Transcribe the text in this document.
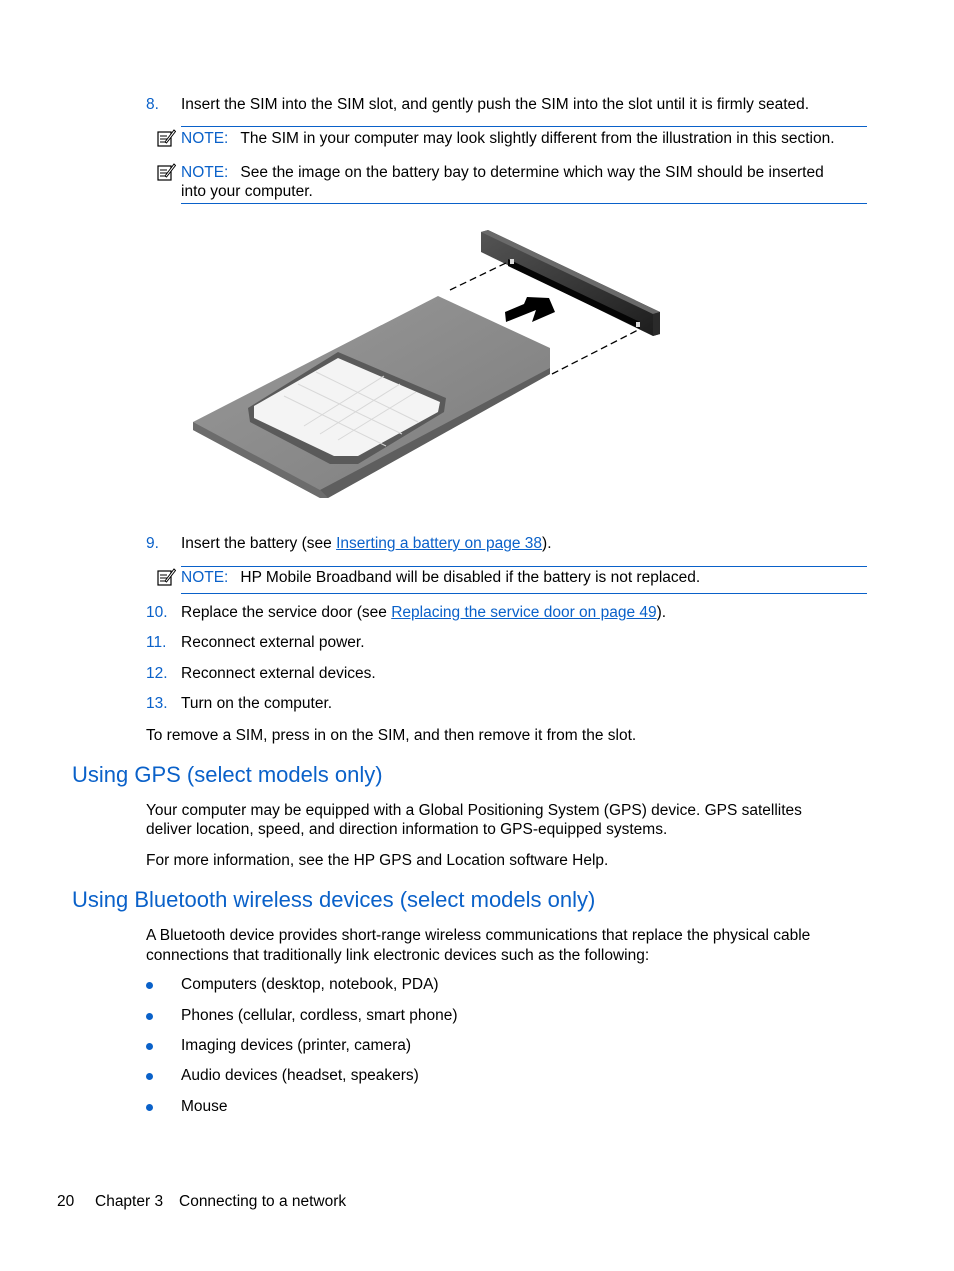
8. Insert the SIM into the SIM slot, and gently push the SIM into the slot until it is firmly seated.
NOTE: The SIM in your computer may look slightly different from the illustration in this section.
NOTE: See the image on the battery bay to determine which way the SIM should be inserted
into your computer.
9. Insert the battery (see Inserting a battery on page 38).
NOTE: HP Mobile Broadband will be disabled if the battery is not replaced.
10. Replace the service door (see Replacing the service door on page 49).
11. Reconnect external power.
12. Reconnect external devices.
13. Turn on the computer.
To remove a SIM, press in on the SIM, and then remove it from the slot.
Using GPS (select models only)
Your computer may be equipped with a Global Positioning System (GPS) device. GPS satellites
deliver location, speed, and direction information to GPS-equipped systems.
For more information, see the HP GPS and Location software Help.
Using Bluetooth wireless devices (select models only)
A Bluetooth device provides short-range wireless communications that replace the physical cable
connections that traditionally link electronic devices such as the following:
Computers (desktop, notebook, PDA)
Phones (cellular, cordless, smart phone)
Imaging devices (printer, camera)
Audio devices (headset, speakers)
Mouse
20 Chapter 3 Connecting to a network
